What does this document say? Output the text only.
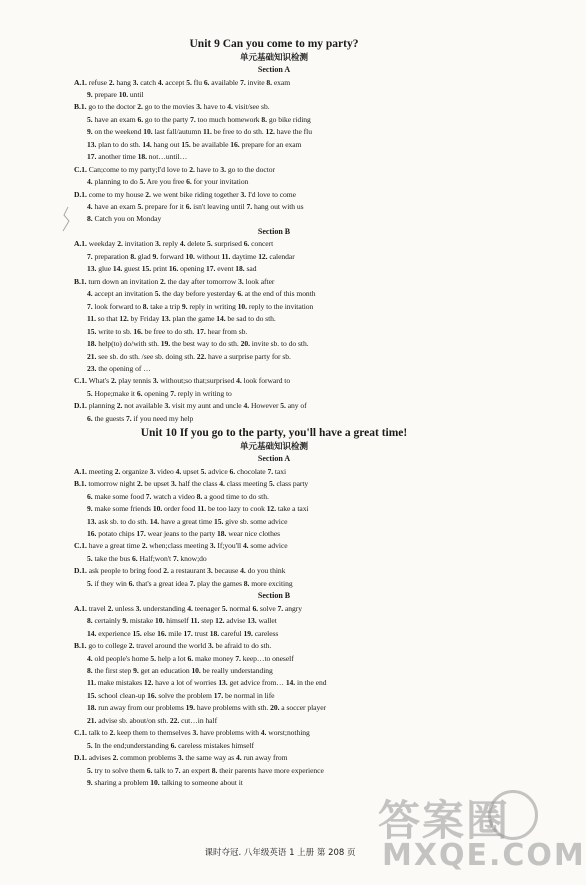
Unit 9 Can you come to my party?
单元基础知识检测
Section A
A.1. refuse 2. hang 3. catch 4. accept 5. flu 6. available 7. invite 8. exam
9. prepare 10. until
B.1. go to the doctor 2. go to the movies 3. have to 4. visit/see sb.
5. have an exam 6. go to the party 7. too much homework 8. go bike riding
9. on the weekend 10. last fall/autumn 11. be free to do sth. 12. have the flu
13. plan to do sth. 14. hang out 15. be available 16. prepare for an exam
17. another time 18. not…until…
C.1. Can;come to my party;I'd love to 2. have to 3. go to the doctor
4. planning to do 5. Are you free 6. for your invitation
D.1. come to my house 2. we went bike riding together 3. I'd love to come
4. have an exam 5. prepare for it 6. isn't leaving until 7. hang out with us
8. Catch you on Monday
Section B
A.1. weekday 2. invitation 3. reply 4. delete 5. surprised 6. concert
7. preparation 8. glad 9. forward 10. without 11. daytime 12. calendar
13. glue 14. guest 15. print 16. opening 17. event 18. sad
B.1. turn down an invitation 2. the day after tomorrow 3. look after
4. accept an invitation 5. the day before yesterday 6. at the end of this month
7. look forward to 8. take a trip 9. reply in writing 10. reply to the invitation
11. so that 12. by Friday 13. plan the game 14. be sad to do sth.
15. write to sb. 16. be free to do sth. 17. hear from sb.
18. help(to) do/with sth. 19. the best way to do sth. 20. invite sb. to do sth.
21. see sb. do sth. /see sb. doing sth. 22. have a surprise party for sb.
23. the opening of …
C.1. What's 2. play tennis 3. without;so that;surprised 4. look forward to
5. Hope;make it 6. opening 7. reply in writing to
D.1. planning 2. not available 3. visit my aunt and uncle 4. However 5. any of
6. the guests 7. if you need my help
Unit 10 If you go to the party, you'll have a great time!
单元基础知识检测
Section A
A.1. meeting 2. organize 3. video 4. upset 5. advice 6. chocolate 7. taxi
B.1. tomorrow night 2. be upset 3. half the class 4. class meeting 5. class party
6. make some food 7. watch a video 8. a good time to do sth.
9. make some friends 10. order food 11. be too lazy to cook 12. take a taxi
13. ask sb. to do sth. 14. have a great time 15. give sb. some advice
16. potato chips 17. wear jeans to the party 18. wear nice clothes
C.1. have a great time 2. when;class meeting 3. If;you'll 4. some advice
5. take the bus 6. Half;won't 7. know;do
D.1. ask people to bring food 2. a restaurant 3. because 4. do you think
5. if they win 6. that's a great idea 7. play the games 8. more exciting
Section B
A.1. travel 2. unless 3. understanding 4. teenager 5. normal 6. solve 7. angry
8. certainly 9. mistake 10. himself 11. step 12. advise 13. wallet
14. experience 15. else 16. mile 17. trust 18. careful 19. careless
B.1. go to college 2. travel around the world 3. be afraid to do sth.
4. old people's home 5. help a lot 6. make money 7. keep…to oneself
8. the first step 9. get an education 10. be really understanding
11. make mistakes 12. have a lot of worries 13. get advice from… 14. in the end
15. school clean-up 16. solve the problem 17. be normal in life
18. run away from our problems 19. have problems with sth. 20. a soccer player
21. advise sb. about/on sth. 22. cut…in half
C.1. talk to 2. keep them to themselves 3. have problems with 4. worst;nothing
5. In the end;understanding 6. careless mistakes himself
D.1. advises 2. common problems 3. the same way as 4. run away from
5. try to solve them 6. talk to 7. an expert 8. their parents have more experience
9. sharing a problem 10. talking to someone about it
课时夺冠. 八年级英语 1 上册 第 208 页
答案圈
MXQE.COM
